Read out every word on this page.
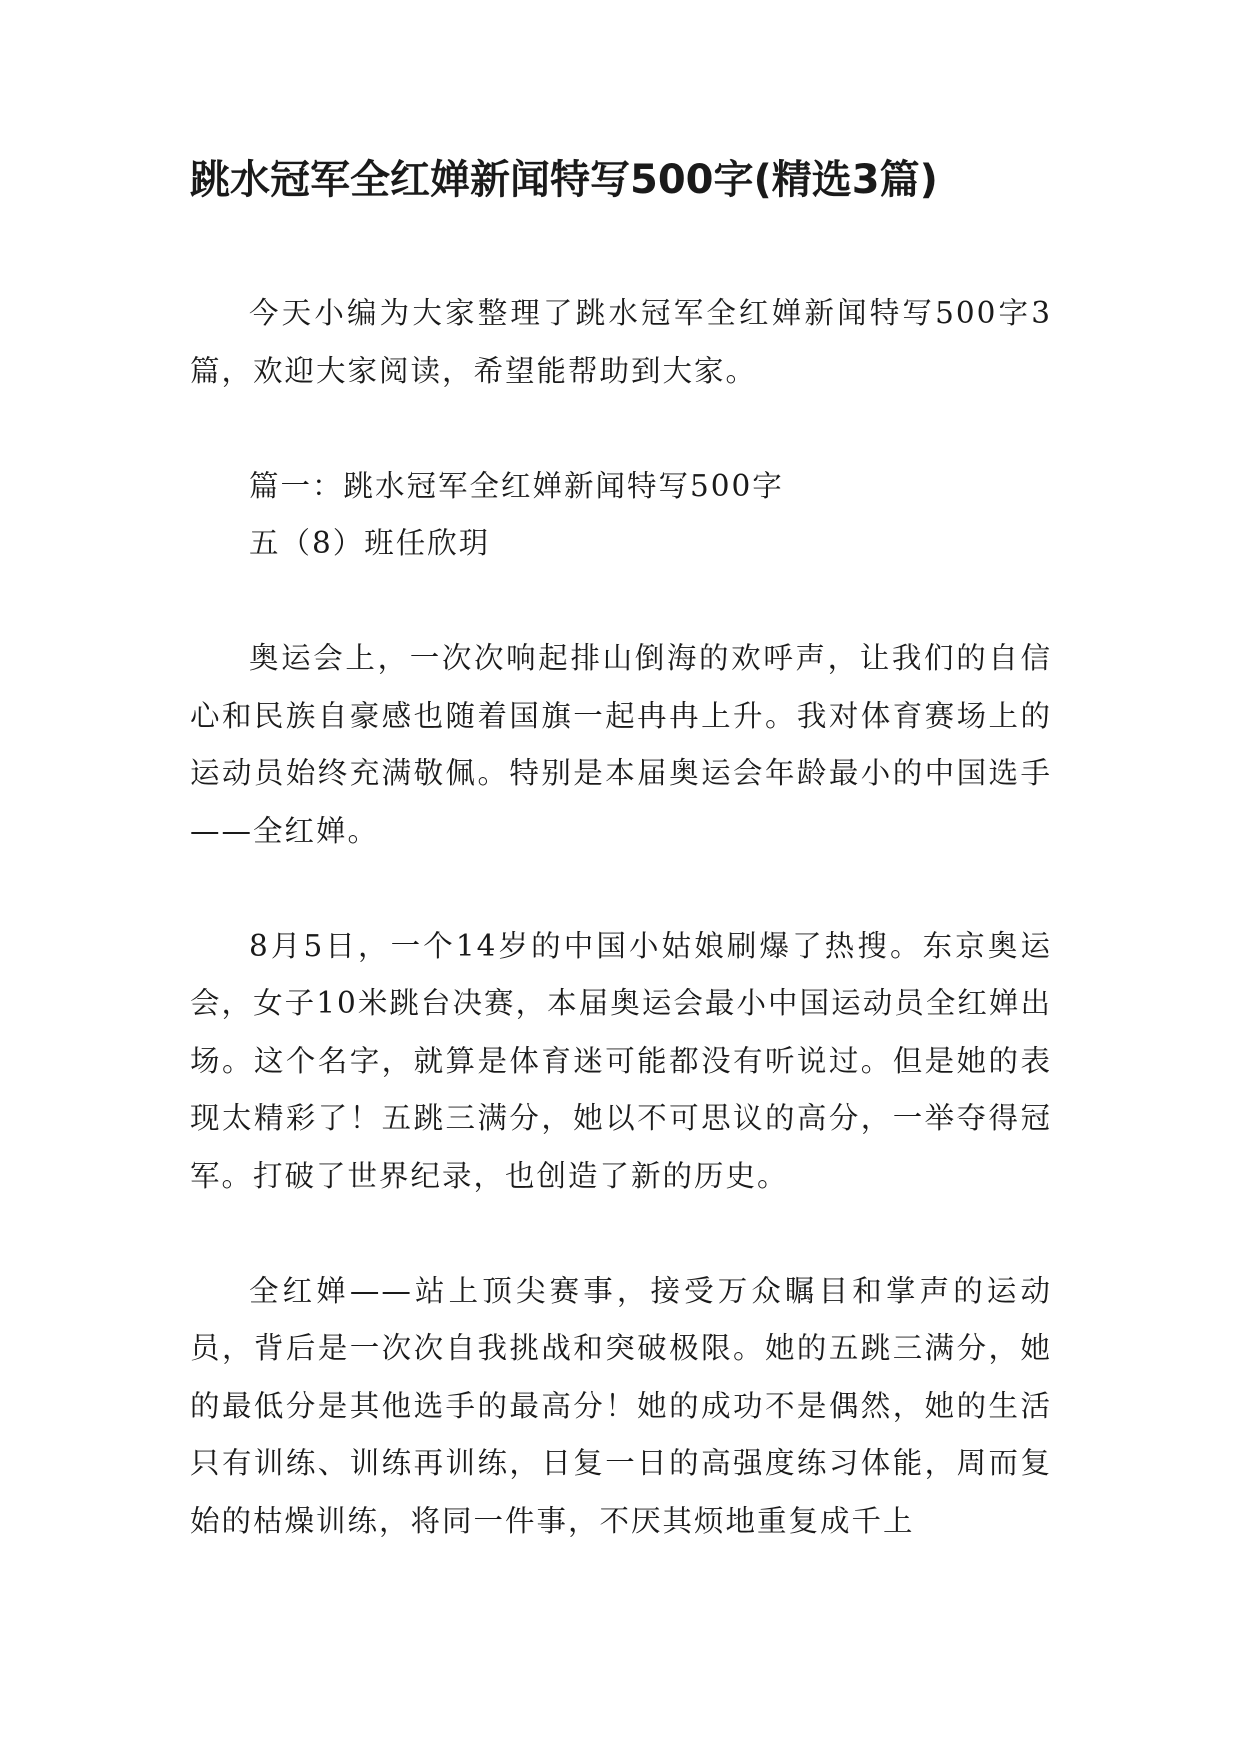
跳水冠军全红婵新闻特写500字(精选3篇)

今天小编为大家整理了跳水冠军全红婵新闻特写500字3篇，欢迎大家阅读，希望能帮助到大家。

篇一：跳水冠军全红婵新闻特写500字

五（8）班任欣玥

奥运会上，一次次响起排山倒海的欢呼声，让我们的自信心和民族自豪感也随着国旗一起冉冉上升。我对体育赛场上的运动员始终充满敬佩。特别是本届奥运会年龄最小的中国选手——全红婵。

8月5日，一个14岁的中国小姑娘刷爆了热搜。东京奥运会，女子10米跳台决赛，本届奥运会最小中国运动员全红婵出场。这个名字，就算是体育迷可能都没有听说过。但是她的表现太精彩了！五跳三满分，她以不可思议的高分，一举夺得冠军。打破了世界纪录，也创造了新的历史。

全红婵——站上顶尖赛事，接受万众瞩目和掌声的运动员，背后是一次次自我挑战和突破极限。她的五跳三满分，她的最低分是其他选手的最高分！她的成功不是偶然，她的生活只有训练、训练再训练，日复一日的高强度练习体能，周而复始的枯燥训练，将同一件事，不厌其烦地重复成千上
